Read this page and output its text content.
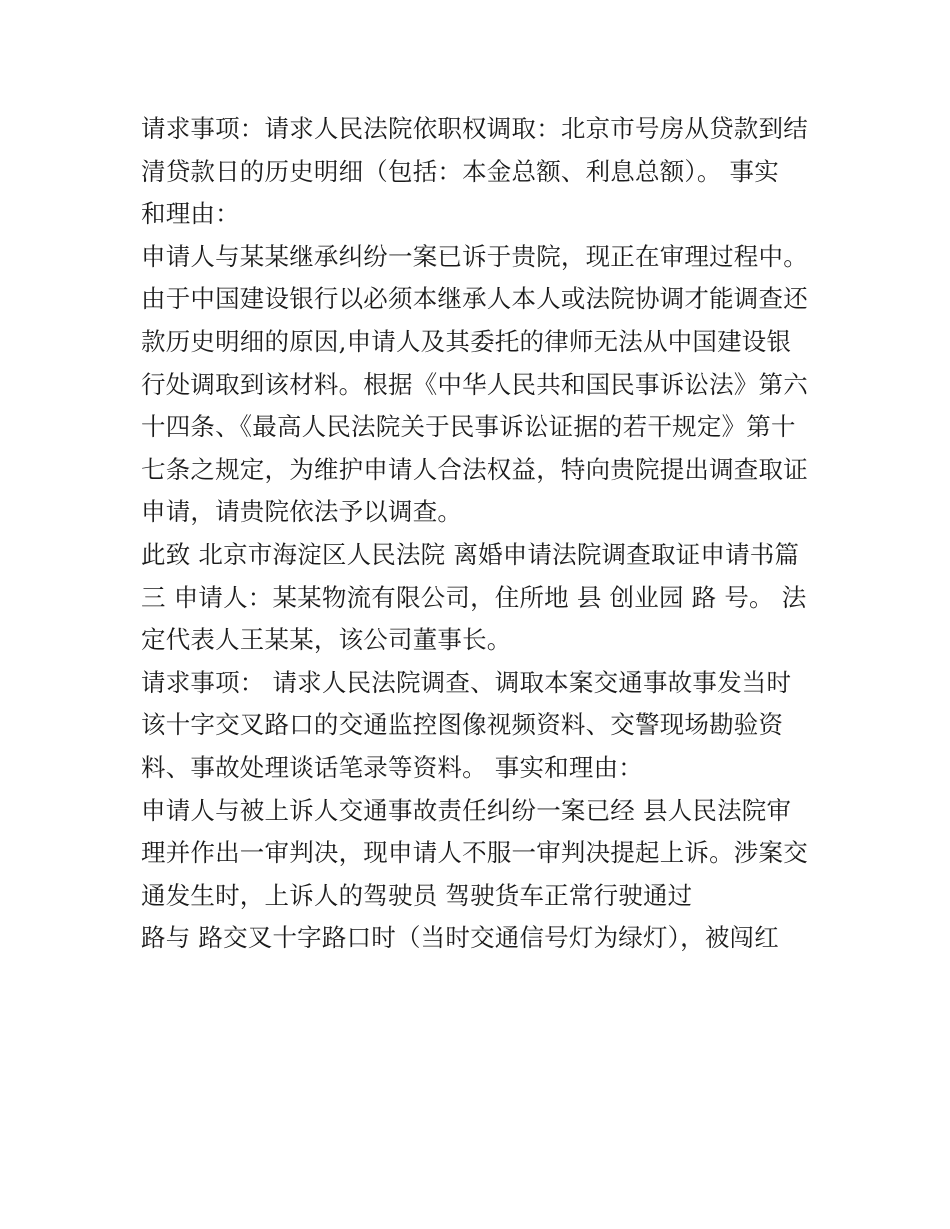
请求事项：请求人民法院依职权调取：北京市号房从贷款到结
清贷款日的历史明细（包括：本金总额、利息总额）。 事实
和理由：
申请人与某某继承纠纷一案已诉于贵院，现正在审理过程中。
由于中国建设银行以必须本继承人本人或法院协调才能调查还
款历史明细的原因,申请人及其委托的律师无法从中国建设银
行处调取到该材料。根据《中华人民共和国民事诉讼法》第六
十四条、《最高人民法院关于民事诉讼证据的若干规定》第十
七条之规定，为维护申请人合法权益，特向贵院提出调查取证
申请，请贵院依法予以调查。
此致 北京市海淀区人民法院 离婚申请法院调查取证申请书篇
三 申请人：某某物流有限公司，住所地 县 创业园 路 号。 法
定代表人王某某，该公司董事长。
请求事项： 请求人民法院调查、调取本案交通事故事发当时
该十字交叉路口的交通监控图像视频资料、交警现场勘验资
料、事故处理谈话笔录等资料。 事实和理由：
申请人与被上诉人交通事故责任纠纷一案已经 县人民法院审
理并作出一审判决，现申请人不服一审判决提起上诉。涉案交
通发生时，上诉人的驾驶员 驾驶货车正常行驶通过
路与 路交叉十字路口时（当时交通信号灯为绿灯），被闯红
